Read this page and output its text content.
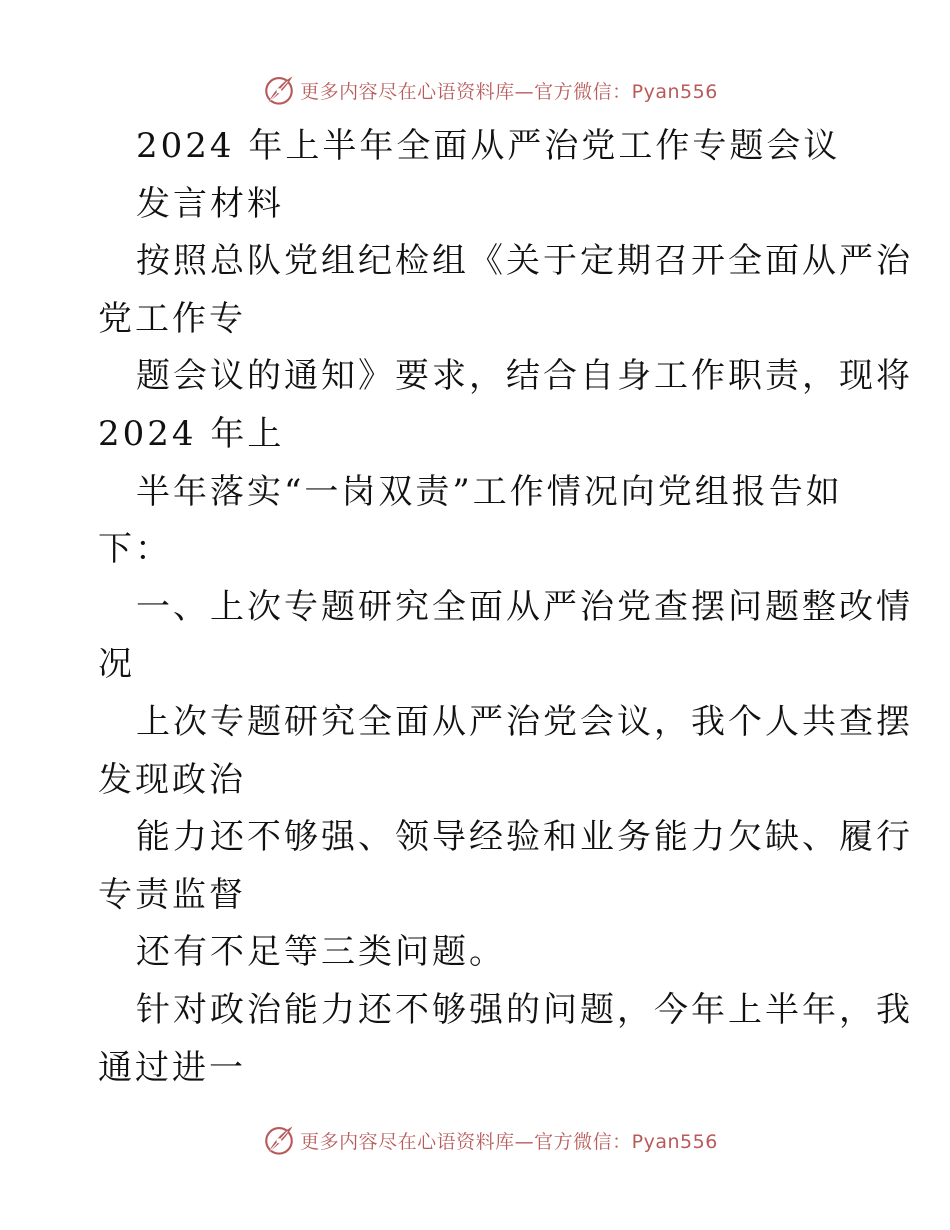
更多内容尽在心语资料库—官方微信：Pyan556
2024 年上半年全面从严治党工作专题会议
发言材料
按照总队党组纪检组《关于定期召开全面从严治
党工作专
题会议的通知》要求，结合自身工作职责，现将
2024 年上
半年落实“一岗双责”工作情况向党组报告如
下：
一、上次专题研究全面从严治党查摆问题整改情
况
上次专题研究全面从严治党会议，我个人共查摆
发现政治
能力还不够强、领导经验和业务能力欠缺、履行
专责监督
还有不足等三类问题。
针对政治能力还不够强的问题，今年上半年，我
通过进一
更多内容尽在心语资料库—官方微信：Pyan556
